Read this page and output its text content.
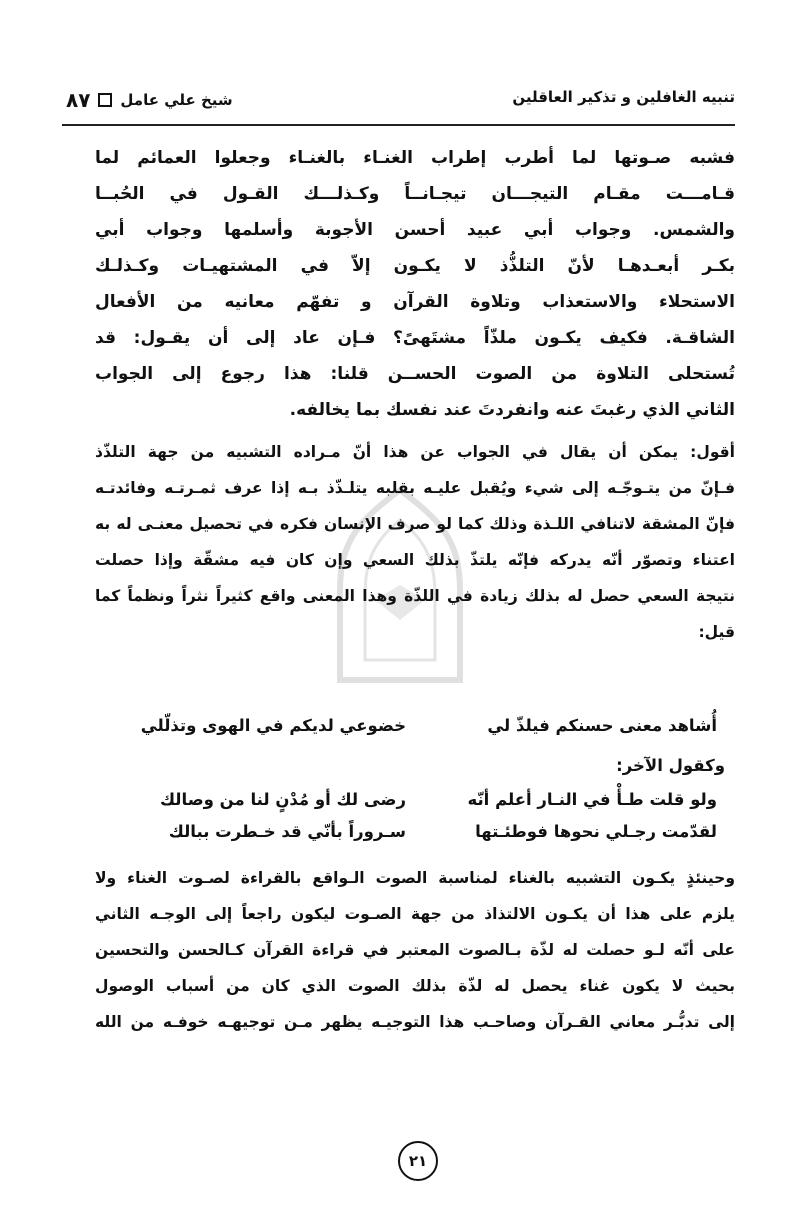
تنبيه الغافلين و تذكير العاقلين
٨٧ شيخ علي عامل
فشبه صـوتها لما أطرب إطراب الغنـاء بالغنـاء وجعلوا العمائم لما
قـامـــت مقـام التيجـــان تيجـانــاً وكـذلـــك القـول في الحُبــا
والشمس. وجواب أبي عبيد أحسن الأجوبة وأسلمها وجواب أبي
بكـر أبعـدهـا لأنّ التلذُّذ لا يكـون إلاّ في المشتهيـات وكـذلـك
الاستحلاء والاستعذاب وتلاوة القرآن و تفهّم معانيه من الأفعال
الشاقـة. فكيف يكـون ملذّاً مشتَهىً؟ فـإن عاد إلى أن يقـول: قد
تُستحلى التلاوة من الصوت الحســن قلنا: هذا رجوع إلى الجواب
الثاني الذي رغبتَ عنه وانفردتَ عند نفسك بما يخالفه.
أقول: يمكن أن يقال في الجواب عن هذا أنّ مـراده التشبيه من جهة التلذّذ
فـإنّ من يتـوجّـه إلى شيء ويُقبل عليـه بقلبه يتلـذّذ بـه إذا عرف ثمـرتـه وفائدتـه
فإنّ المشقة لاتنافي اللـذة وذلك كما لو صرف الإنسان فكره في تحصيل معنـى له به
اعتناء وتصوّر أنّه يدركه فإنّه يلتذّ بذلك السعي وإن كان فيه مشقّة وإذا حصلت
نتيجة السعي حصل له بذلك زيادة في اللذّة وهذا المعنى واقع كثيراً نثراً ونظماً كما
قيل:
أُشاهد معنى حسنكم فيلذّ لي
خضوعي لديكم في الهوى وتذلّلي
وكقول الآخر:
ولو قلت طـأْ في النـار أعلم أنّه
رضى لك أو مُدْنٍ لنا من وصالك
لقدّمت رجـلي نحوها فوطئـتها
سـروراً بأنّي قد خـطرت ببالك
وحينئذٍ يكـون التشبيه بالغناء لمناسبة الصوت الـواقع بالقراءة لصـوت الغناء ولا
يلزم على هذا أن يكـون الالتذاذ من جهة الصـوت ليكون راجعاً إلى الوجـه الثاني
على أنّه لـو حصلت له لذّة بـالصوت المعتبر في قراءة القرآن كـالحسن والتحسين
بحيث لا يكون غناء يحصل له لذّة بذلك الصوت الذي كان من أسباب الوصول
إلى تدبُّـر معاني القـرآن وصاحـب هذا التوجيـه يظهر مـن توجيهـه خوفـه من الله
٢١
